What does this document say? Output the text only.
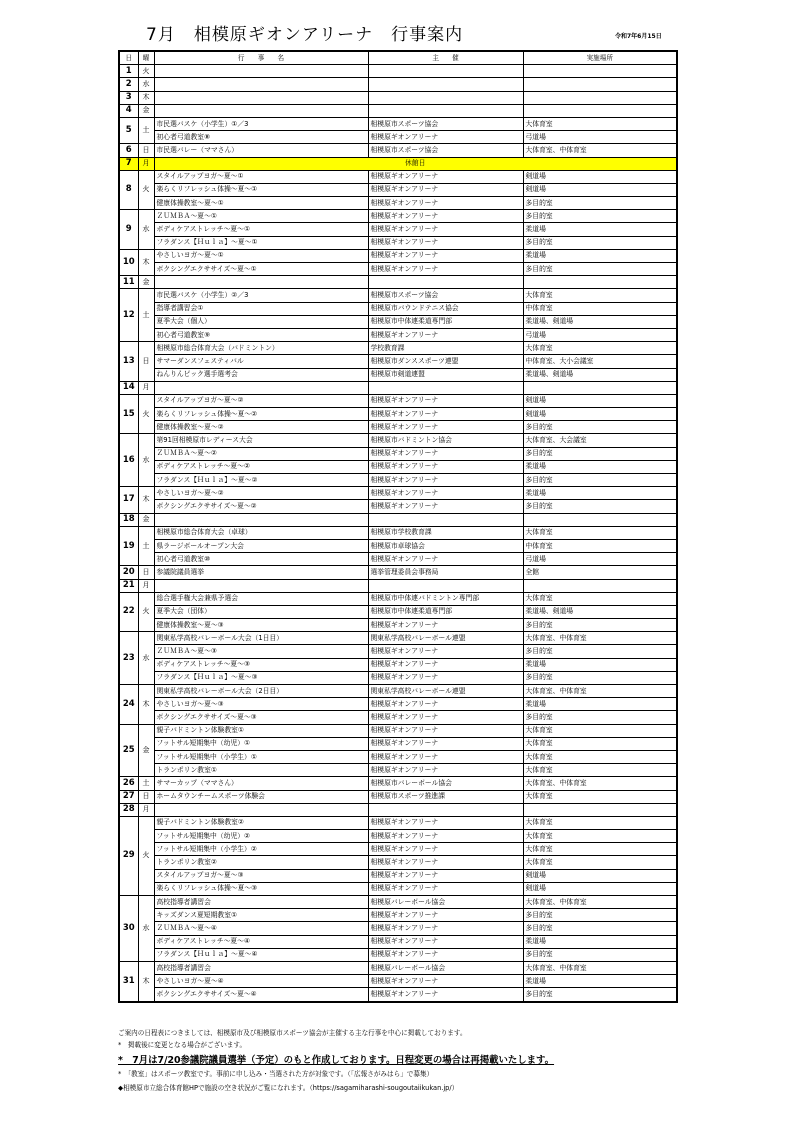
7月　相模原ギオンアリーナ　行事案内	令和7年6月15日
日	曜	行　　事　　名	主　　催	実施場所
1	火			
2	水			
3	木			
4	金			
5	土	市民選バスケ（小学生）①／3	相模原市スポーツ協会	大体育室
		初心者弓道教室⑧	相模原ギオンアリーナ	弓道場
6	日	市民選バレー（ママさん）	相模原市スポーツ協会	大体育室、中体育室
7	月	休館日		
8	火	スタイルアップヨガ～夏～①	相模原ギオンアリーナ	剣道場
		楽らくリフレッシュ体操～夏～①	相模原ギオンアリーナ	剣道場
		健康体操教室～夏～①	相模原ギオンアリーナ	多目的室
9	水	ＺＵＭＢＡ～夏～①	相模原ギオンアリーナ	多目的室
		ボディケアストレッチ～夏～①	相模原ギオンアリーナ	柔道場
		フラダンス【Ｈｕｌａ】～夏～①	相模原ギオンアリーナ	多目的室
10	木	やさしいヨガ～夏～①	相模原ギオンアリーナ	柔道場
		ボクシングエクササイズ～夏～①	相模原ギオンアリーナ	多目的室
11	金			
12	土	市民選バスケ（小学生）②／3	相模原市スポーツ協会	大体育室
		指導者講習会①	相模原市バウンドテニス協会	中体育室
		夏季大会（個人）	相模原市中体連柔道専門部	柔道場、剣道場
		初心者弓道教室⑨	相模原ギオンアリーナ	弓道場
13	日	相模原市総合体育大会（バドミントン）	学校教育課	大体育室
		サマーダンスフェスティバル	相模原市ダンススポーツ連盟	中体育室、大小会議室
		ねんりんピック選手選考会	相模原市剣道連盟	柔道場、剣道場
14	月			
15	火	スタイルアップヨガ～夏～②	相模原ギオンアリーナ	剣道場
		楽らくリフレッシュ体操～夏～②	相模原ギオンアリーナ	剣道場
		健康体操教室～夏～②	相模原ギオンアリーナ	多目的室
16	水	第91回相模原市レディース大会	相模原市バドミントン協会	大体育室、大会議室
		ＺＵＭＢＡ～夏～②	相模原ギオンアリーナ	多目的室
		ボディケアストレッチ～夏～②	相模原ギオンアリーナ	柔道場
		フラダンス【Ｈｕｌａ】～夏～②	相模原ギオンアリーナ	多目的室
17	木	やさしいヨガ～夏～②	相模原ギオンアリーナ	柔道場
		ボクシングエクササイズ～夏～②	相模原ギオンアリーナ	多目的室
18	金			
19	土	相模原市総合体育大会（卓球）	相模原市学校教育課	大体育室
		県ラージボールオープン大会	相模原市卓球協会	中体育室
		初心者弓道教室⑩	相模原ギオンアリーナ	弓道場
20	日	参議院議員選挙	選挙管理委員会事務局	全館
21	月			
22	火	総合選手権大会兼県予選会	相模原市中体連バドミントン専門部	大体育室
		夏季大会（団体）	相模原市中体連柔道専門部	柔道場、剣道場
		健康体操教室～夏～③	相模原ギオンアリーナ	多目的室
23	水	関東私学高校バレーボール大会（1日目）	関東私学高校バレーボール連盟	大体育室、中体育室
		ＺＵＭＢＡ～夏～③	相模原ギオンアリーナ	多目的室
		ボディケアストレッチ～夏～③	相模原ギオンアリーナ	柔道場
		フラダンス【Ｈｕｌａ】～夏～③	相模原ギオンアリーナ	多目的室
24	木	関東私学高校バレーボール大会（2日目）	関東私学高校バレーボール連盟	大体育室、中体育室
		やさしいヨガ～夏～③	相模原ギオンアリーナ	柔道場
		ボクシングエクササイズ～夏～③	相模原ギオンアリーナ	多目的室
25	金	親子バドミントン体験教室①	相模原ギオンアリーナ	大体育室
		フットサル短期集中（幼児）①	相模原ギオンアリーナ	大体育室
		フットサル短期集中（小学生）①	相模原ギオンアリーナ	大体育室
		トランポリン教室①	相模原ギオンアリーナ	大体育室
26	土	サマーカップ（ママさん）	相模原市バレーボール協会	大体育室、中体育室
27	日	ホームタウンチームスポーツ体験会	相模原市スポーツ推進課	大体育室
28	月			
29	火	親子バドミントン体験教室②	相模原ギオンアリーナ	大体育室
		フットサル短期集中（幼児）②	相模原ギオンアリーナ	大体育室
		フットサル短期集中（小学生）②	相模原ギオンアリーナ	大体育室
		トランポリン教室②	相模原ギオンアリーナ	大体育室
		スタイルアップヨガ～夏～③	相模原ギオンアリーナ	剣道場
		楽らくリフレッシュ体操～夏～③	相模原ギオンアリーナ	剣道場
30	水	高校指導者講習会	相模原バレーボール協会	大体育室、中体育室
		キッズダンス夏短期教室①	相模原ギオンアリーナ	多目的室
		ＺＵＭＢＡ～夏～④	相模原ギオンアリーナ	多目的室
		ボディケアストレッチ～夏～④	相模原ギオンアリーナ	柔道場
		フラダンス【Ｈｕｌａ】～夏～④	相模原ギオンアリーナ	多目的室
31	木	高校指導者講習会	相模原バレーボール協会	大体育室、中体育室
		やさしいヨガ～夏～④	相模原ギオンアリーナ	柔道場
		ボクシングエクササイズ～夏～④	相模原ギオンアリーナ	多目的室
ご案内の日程表につきましては、相模原市及び相模原市スポーツ協会が主催する主な行事を中心に掲載しております。
*　掲載後に変更となる場合がございます。
*　7月は7/20参議院議員選挙（予定）のもと作成しております。日程変更の場合は再掲載いたします。
*　「教室」はスポーツ教室です。事前に申し込み・当選された方が対象です。（「広報さがみはら」で募集）
◆相模原市立総合体育館HPで施設の空き状況がご覧になれます。（https://sagamiharashi-sougoutaiikukan.jp/）
